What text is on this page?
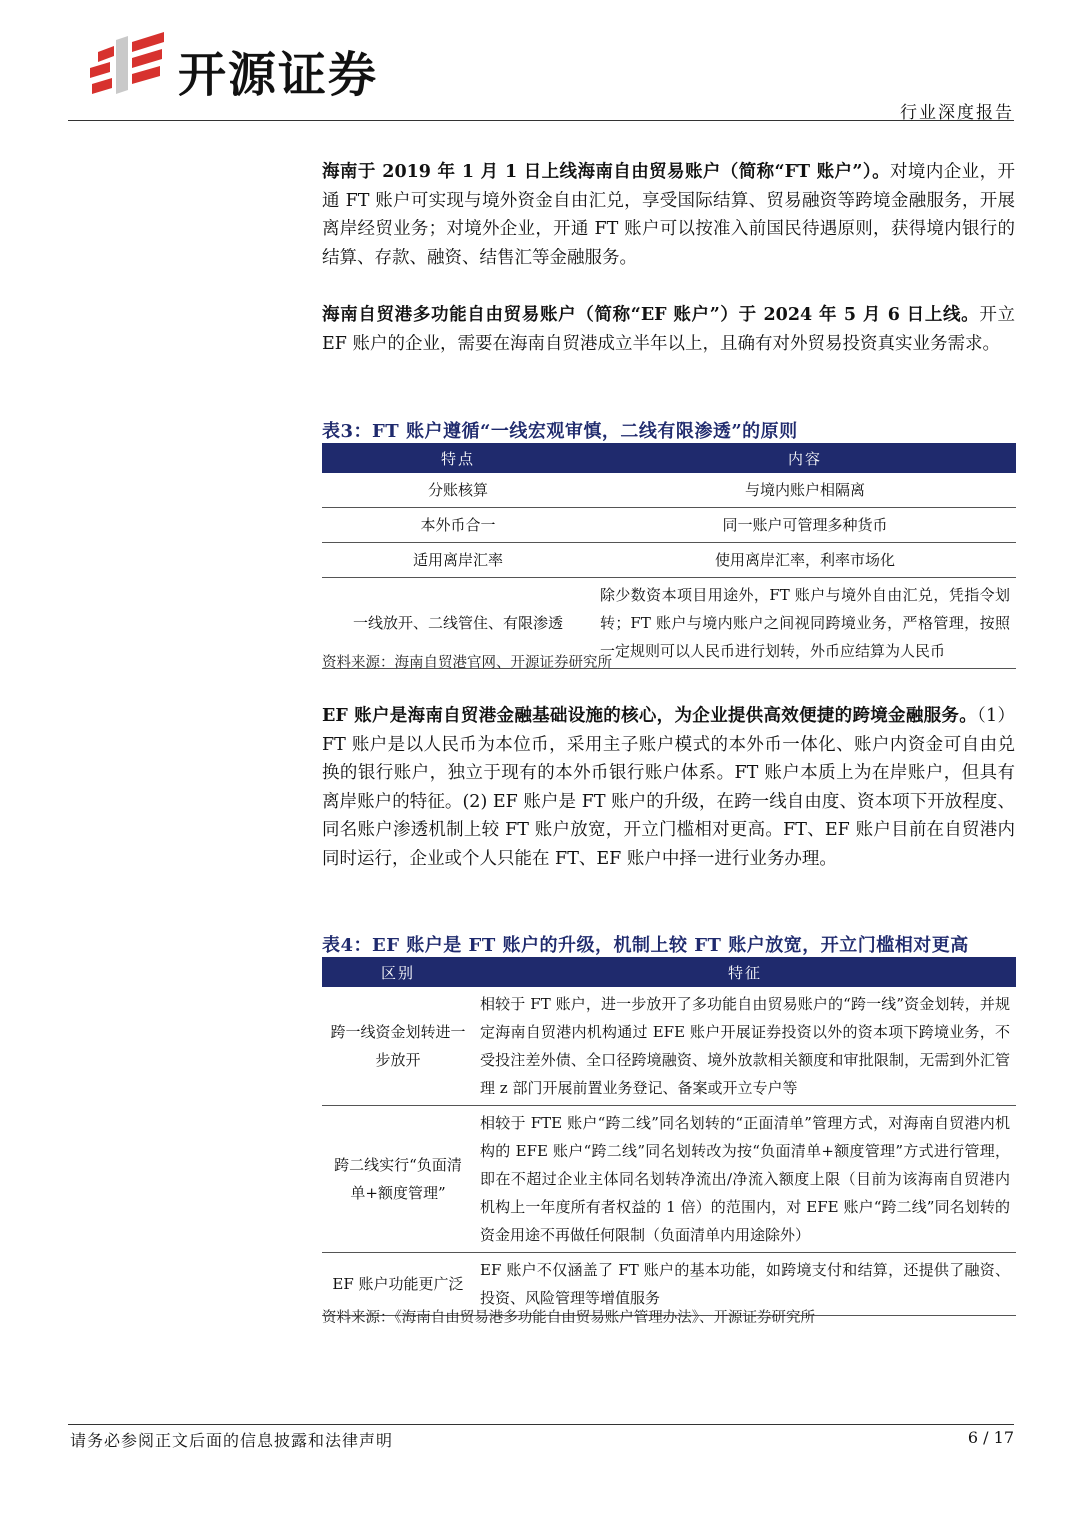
开源证券
行业深度报告

海南于 2019 年 1 月 1 日上线海南自由贸易账户（简称“FT 账户”）。对境内企业，开通 FT 账户可实现与境外资金自由汇兑，享受国际结算、贸易融资等跨境金融服务，开展离岸经贸业务；对境外企业，开通 FT 账户可以按准入前国民待遇原则，获得境内银行的结算、存款、融资、结售汇等金融服务。

海南自贸港多功能自由贸易账户（简称“EF 账户”）于 2024 年 5 月 6 日上线。开立 EF 账户的企业，需要在海南自贸港成立半年以上，且确有对外贸易投资真实业务需求。

表3：FT 账户遵循“一线宏观审慎，二线有限渗透”的原则
特点	内容
分账核算	与境内账户相隔离
本外币合一	同一账户可管理多种货币
适用离岸汇率	使用离岸汇率，利率市场化
一线放开、二线管住、有限渗透	除少数资本项目用途外，FT 账户与境外自由汇兑，凭指令划转；FT 账户与境内账户之间视同跨境业务，严格管理，按照一定规则可以人民币进行划转，外币应结算为人民币
资料来源：海南自贸港官网、开源证券研究所

EF 账户是海南自贸港金融基础设施的核心，为企业提供高效便捷的跨境金融服务。（1）FT 账户是以人民币为本位币，采用主子账户模式的本外币一体化、账户内资金可自由兑换的银行账户，独立于现有的本外币银行账户体系。FT 账户本质上为在岸账户，但具有离岸账户的特征。(2) EF 账户是 FT 账户的升级，在跨一线自由度、资本项下开放程度、同名账户渗透机制上较 FT 账户放宽，开立门槛相对更高。FT、EF 账户目前在自贸港内同时运行，企业或个人只能在 FT、EF 账户中择一进行业务办理。

表4：EF 账户是 FT 账户的升级，机制上较 FT 账户放宽，开立门槛相对更高
区别	特征
跨一线资金划转进一步放开	相较于 FT 账户，进一步放开了多功能自由贸易账户的“跨一线”资金划转，并规定海南自贸港内机构通过 EFE 账户开展证券投资以外的资本项下跨境业务，不受投注差外债、全口径跨境融资、境外放款相关额度和审批限制，无需到外汇管理 z 部门开展前置业务登记、备案或开立专户等
跨二线实行“负面清单+额度管理”	相较于 FTE 账户“跨二线”同名划转的“正面清单”管理方式，对海南自贸港内机构的 EFE 账户“跨二线”同名划转改为按“负面清单+额度管理”方式进行管理，即在不超过企业主体同名划转净流出/净流入额度上限（目前为该海南自贸港内机构上一年度所有者权益的 1 倍）的范围内，对 EFE 账户“跨二线”同名划转的资金用途不再做任何限制（负面清单内用途除外）
EF 账户功能更广泛	EF 账户不仅涵盖了 FT 账户的基本功能，如跨境支付和结算，还提供了融资、投资、风险管理等增值服务
资料来源：《海南自由贸易港多功能自由贸易账户管理办法》、开源证券研究所
请务必参阅正文后面的信息披露和法律声明	6 / 17
